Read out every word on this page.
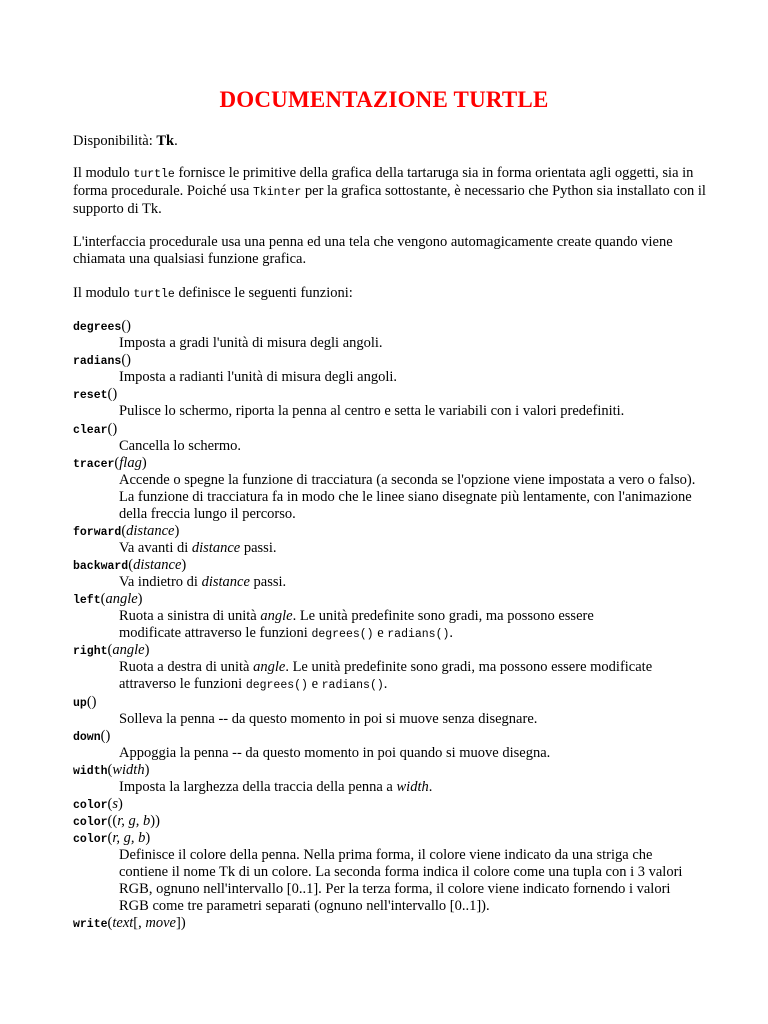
DOCUMENTAZIONE TURTLE
Disponibilità: Tk.
Il modulo turtle fornisce le primitive della grafica della tartaruga sia in forma orientata agli oggetti, sia in forma procedurale. Poiché usa Tkinter per la grafica sottostante, è necessario che Python sia installato con il supporto di Tk.
L'interfaccia procedurale usa una penna ed una tela che vengono automagicamente create quando viene chiamata una qualsiasi funzione grafica.
Il modulo turtle definisce le seguenti funzioni:
degrees()
Imposta a gradi l'unità di misura degli angoli.
radians()
Imposta a radianti l'unità di misura degli angoli.
reset()
Pulisce lo schermo, riporta la penna al centro e setta le variabili con i valori predefiniti.
clear()
Cancella lo schermo.
tracer(flag)
Accende o spegne la funzione di tracciatura (a seconda se l'opzione viene impostata a vero o falso). La funzione di tracciatura fa in modo che le linee siano disegnate più lentamente, con l'animazione della freccia lungo il percorso.
forward(distance)
Va avanti di distance passi.
backward(distance)
Va indietro di distance passi.
left(angle)
Ruota a sinistra di unità angle. Le unità predefinite sono gradi, ma possono essere modificate attraverso le funzioni degrees() e radians().
right(angle)
Ruota a destra di unità angle. Le unità predefinite sono gradi, ma possono essere modificate attraverso le funzioni degrees() e radians().
up()
Solleva la penna -- da questo momento in poi si muove senza disegnare.
down()
Appoggia la penna -- da questo momento in poi quando si muove disegna.
width(width)
Imposta la larghezza della traccia della penna a width.
color(s)
color((r, g, b))
color(r, g, b)
Definisce il colore della penna. Nella prima forma, il colore viene indicato da una striga che contiene il nome Tk di un colore. La seconda forma indica il colore come una tupla con i 3 valori RGB, ognuno nell'intervallo [0..1]. Per la terza forma, il colore viene indicato fornendo i valori RGB come tre parametri separati (ognuno nell'intervallo [0..1]).
write(text[, move])
